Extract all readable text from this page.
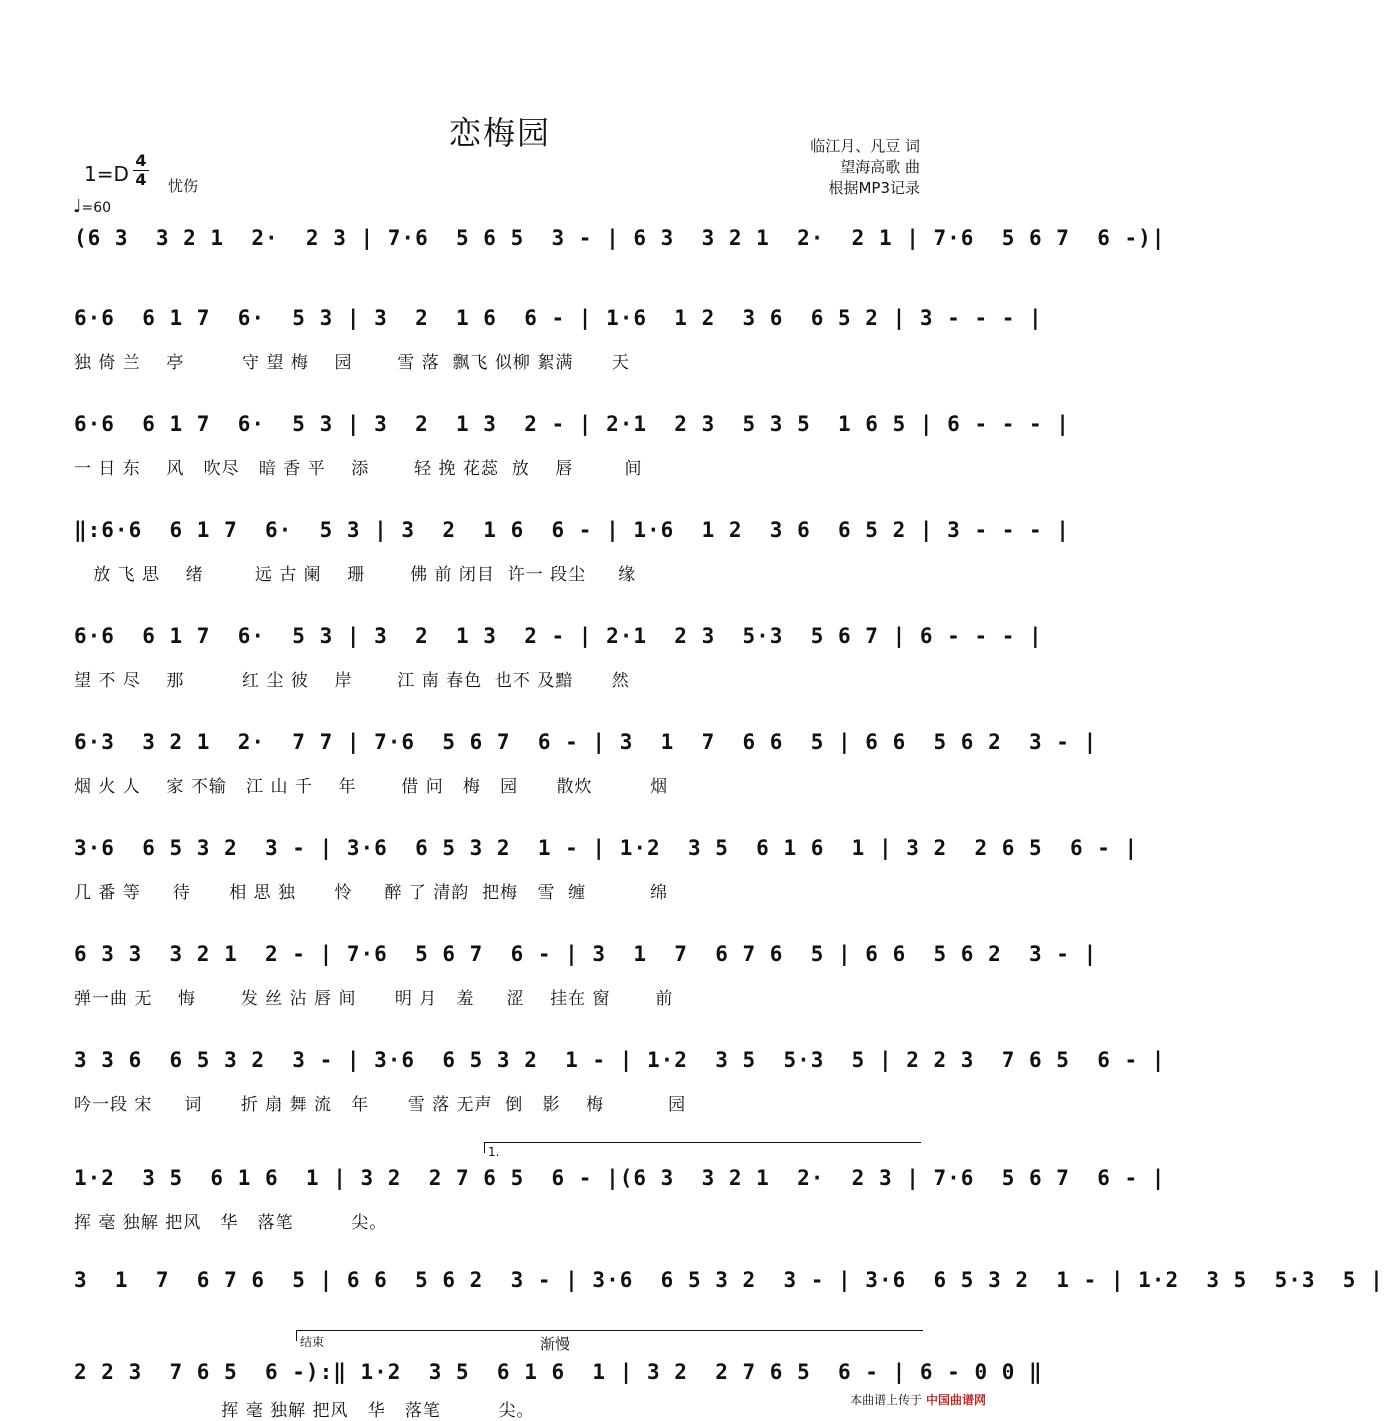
恋梅园	临江月、凡豆 词
望海高歌 曲
根据MP3记录
1=D
4
4 忧伤
♩=60
(6 3  3 2 1  2·  2 3 | 7·6  5 6 5  3 - | 6 3  3 2 1  2·  2 1 | 7·6  5 6 7  6 -)|
6·6  6 1 7  6·  5 3 | 3  2  1 6  6 - | 1·6  1 2  3 6  6 5 2 | 3 - - - |
独 倚 兰    亭         守 望 梅    园       雪 落  飘飞 似柳 絮满      天
6·6  6 1 7  6·  5 3 | 3  2  1 3  2 - | 2·1  2 3  5 3 5  1 6 5 | 6 - - - |
一 日 东    风   吹尽   暗 香 平    添       轻 挽 花蕊  放    唇        间
‖:6·6  6 1 7  6·  5 3 | 3  2  1 6  6 - | 1·6  1 2  3 6  6 5 2 | 3 - - - |
放 飞 思    绪        远 古 阑    珊       佛 前 闭目  许一 段尘     缘
6·6  6 1 7  6·  5 3 | 3  2  1 3  2 - | 2·1  2 3  5·3  5 6 7 | 6 - - - |
望 不 尽    那         红 尘 彼    岸       江 南 春色  也不 及黯      然
6·3  3 2 1  2·  7 7 | 7·6  5 6 7  6 - | 3  1  7  6 6  5 | 6 6  5 6 2  3 - |
烟 火 人    家 不输   江 山 千    年       借 问   梅   园      散炊         烟
3·6  6 5 3 2  3 - | 3·6  6 5 3 2  1 - | 1·2  3 5  6 1 6  1 | 3 2  2 6 5  6 - |
几 番 等     待      相 思 独      怜     醉 了 清韵  把梅   雪  缠          绵
6 3 3  3 2 1  2 - | 7·6  5 6 7  6 - | 3  1  7  6 7 6  5 | 6 6  5 6 2  3 - |
弹一曲 无    悔       发 丝 沾 唇 间      明 月   羞     涩    挂在 窗       前
3 3 6  6 5 3 2  3 - | 3·6  6 5 3 2  1 - | 1·2  3 5  5·3  5 | 2 2 3  7 6 5  6 - |
吟一段 宋     词      折 扇 舞 流   年      雪 落 无声  倒   影    梅          园
1.
1·2  3 5  6 1 6  1 | 3 2  2 7 6 5  6 - |(6 3  3 2 1  2·  2 3 | 7·6  5 6 7  6 - |
挥 毫 独解 把风   华   落笔         尖。
3  1  7  6 7 6  5 | 6 6  5 6 2  3 - | 3·6  6 5 3 2  3 - | 3·6  6 5 3 2  1 - | 1·2  3 5  5·3  5 |
结束	渐慢
2 2 3  7 6 5  6 -):‖ 1·2  3 5  6 1 6  1 | 3 2  2 7 6 5  6 - | 6 - 0 0 ‖
挥 毫 独解 把风   华   落笔         尖。
本曲谱上传于 中国曲谱网
